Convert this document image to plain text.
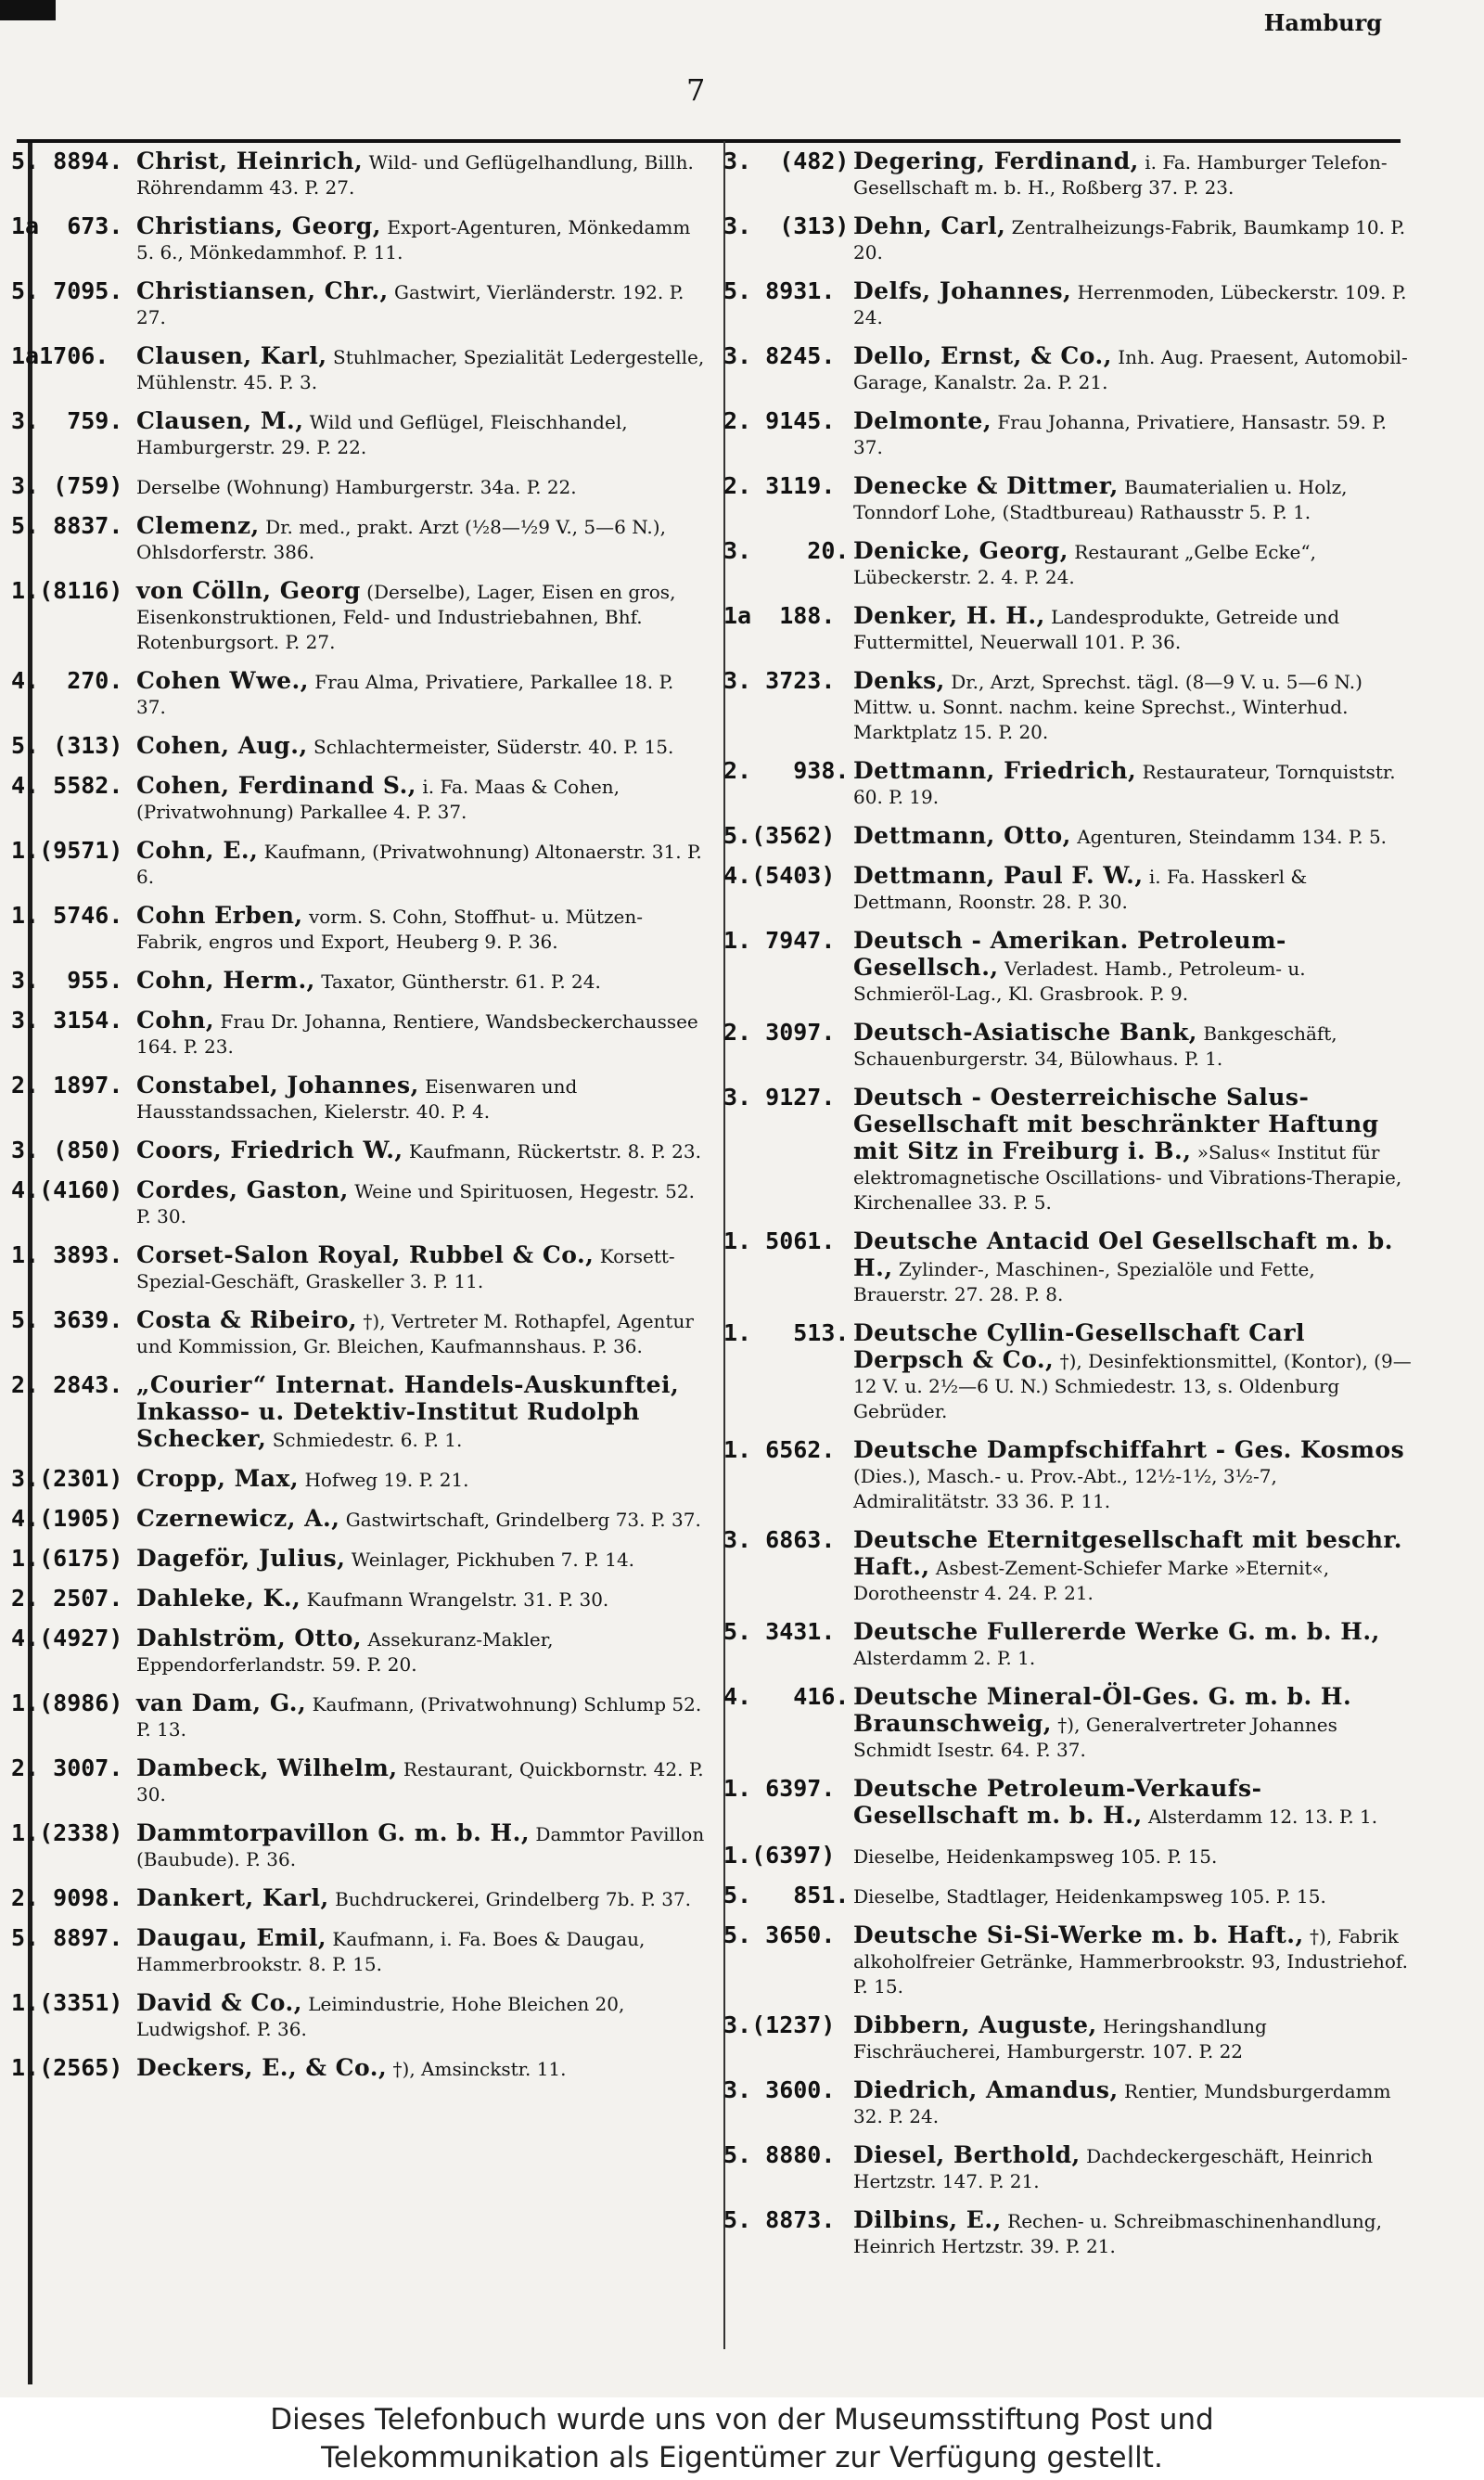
Hamburg
7
5. 8894. Christ, Heinrich, Wild- und Geflügelhandlung, Billh. Röhrendamm 43. P. 27.
1a  673. Christians, Georg, Export-Agenturen, Mönkedamm 5. 6., Mönkedammhof. P. 11.
5. 7095. Christiansen, Chr., Gastwirt, Vierländerstr. 192. P. 27.
1a1706.	Clausen, Karl, Stuhlmacher, Spezialität Ledergestelle, Mühlenstr. 45. P. 3.
3.  759. Clausen, M., Wild und Geflügel, Fleischhandel, Hamburgerstr. 29. P. 22.
3. (759) Derselbe (Wohnung) Hamburgerstr. 34a. P. 22.
5. 8837. Clemenz, Dr. med., prakt. Arzt (½8—½9 V., 5—6 N.), Ohlsdorferstr. 386.
1.(8116) von Cölln, Georg (Derselbe), Lager, Eisen en gros, Eisenkonstruktionen, Feld- und Industriebahnen, Bhf. Rotenburgsort. P. 27.
4.  270. Cohen Wwe., Frau Alma, Privatiere, Parkallee 18. P. 37.
5. (313) Cohen, Aug., Schlachtermeister, Süderstr. 40. P. 15.
4. 5582. Cohen, Ferdinand S., i. Fa. Maas & Cohen, (Privatwohnung) Parkallee 4. P. 37.
1.(9571) Cohn, E., Kaufmann, (Privatwohnung) Altonaerstr. 31. P. 6.
1. 5746. Cohn Erben, vorm. S. Cohn, Stoffhut- u. Mützen-Fabrik, engros und Export, Heuberg 9. P. 36.
3.  955. Cohn, Herm., Taxator, Güntherstr. 61. P. 24.
3. 3154. Cohn, Frau Dr. Johanna, Rentiere, Wandsbeckerchaussee 164. P. 23.
2. 1897. Constabel, Johannes, Eisenwaren und Hausstandssachen, Kielerstr. 40. P. 4.
3. (850) Coors, Friedrich W., Kaufmann, Rückertstr. 8. P. 23.
4.(4160) Cordes, Gaston, Weine und Spirituosen, Hegestr. 52. P. 30.
1. 3893. Corset-Salon Royal, Rubbel & Co., Korsett-Spezial-Geschäft, Graskeller 3. P. 11.
5. 3639. Costa & Ribeiro, †), Vertreter M. Rothapfel, Agentur und Kommission, Gr. Bleichen, Kaufmannshaus. P. 36.
2. 2843. „Courier“ Internat. Handels-Auskunftei, Inkasso- u. Detektiv-Institut Rudolph Schecker, Schmiedestr. 6. P. 1.
3.(2301) Cropp, Max, Hofweg 19. P. 21.
4.(1905) Czernewicz, A., Gastwirtschaft, Grindelberg 73. P. 37.
1.(6175) Dageför, Julius, Weinlager, Pickhuben 7. P. 14.
2. 2507. Dahleke, K., Kaufmann Wrangelstr. 31. P. 30.
4.(4927) Dahlström, Otto, Assekuranz-Makler, Eppendorferlandstr. 59. P. 20.
1.(8986) van Dam, G., Kaufmann, (Privatwohnung) Schlump 52. P. 13.
2. 3007. Dambeck, Wilhelm, Restaurant, Quickbornstr. 42. P. 30.
1.(2338) Dammtorpavillon G. m. b. H., Dammtor Pavillon (Baubude). P. 36.
2. 9098. Dankert, Karl, Buchdruckerei, Grindelberg 7b. P. 37.
5. 8897. Daugau, Emil, Kaufmann, i. Fa. Boes & Daugau, Hammerbrookstr. 8. P. 15.
1.(3351) David & Co., Leimindustrie, Hohe Bleichen 20, Ludwigshof. P. 36.
1.(2565) Deckers, E., & Co., †), Amsinckstr. 11.
3.  (482) Degering, Ferdinand, i. Fa. Hamburger Telefon-Gesellschaft m. b. H., Roßberg 37. P. 23.
3.  (313) Dehn, Carl, Zentralheizungs-Fabrik, Baumkamp 10. P. 20.
5. 8931. Delfs, Johannes, Herrenmoden, Lübeckerstr. 109. P. 24.
3. 8245. Dello, Ernst, & Co., Inh. Aug. Praesent, Automobil-Garage, Kanalstr. 2a. P. 21.
2. 9145. Delmonte, Frau Johanna, Privatiere, Hansastr. 59. P. 37.
2. 3119. Denecke & Dittmer, Baumaterialien u. Holz, Tonndorf Lohe, (Stadtbureau) Rathausstr 5. P. 1.
3.    20. Denicke, Georg, Restaurant „Gelbe Ecke“, Lübeckerstr. 2. 4. P. 24.
1a  188. Denker, H. H., Landesprodukte, Getreide und Futtermittel, Neuerwall 101. P. 36.
3. 3723. Denks, Dr., Arzt, Sprechst. tägl. (8—9 V. u. 5—6 N.) Mittw. u. Sonnt. nachm. keine Sprechst., Winterhud. Marktplatz 15. P. 20.
2.   938. Dettmann, Friedrich, Restaurateur, Tornquiststr. 60. P. 19.
5.(3562) Dettmann, Otto, Agenturen, Steindamm 134. P. 5.
4.(5403) Dettmann, Paul F. W., i. Fa. Hasskerl & Dettmann, Roonstr. 28. P. 30.
1. 7947. Deutsch - Amerikan. Petroleum-Gesellsch., Verladest. Hamb., Petroleum- u. Schmieröl-Lag., Kl. Grasbrook. P. 9.
2. 3097. Deutsch-Asiatische Bank, Bankgeschäft, Schauenburgerstr. 34, Bülowhaus. P. 1.
3. 9127. Deutsch - Oesterreichische Salus-Gesellschaft mit beschränkter Haftung mit Sitz in Freiburg i. B., »Salus« Institut für elektromagnetische Oscillations- und Vibrations-Therapie, Kirchenallee 33. P. 5.
1. 5061. Deutsche Antacid Oel Gesellschaft m. b. H., Zylinder-, Maschinen-, Spezialöle und Fette, Brauerstr. 27. 28. P. 8.
1.   513. Deutsche Cyllin-Gesellschaft Carl Derpsch & Co., †), Desinfektionsmittel, (Kontor), (9—12 V. u. 2½—6 U. N.) Schmiedestr. 13, s. Oldenburg Gebrüder.
1. 6562. Deutsche Dampfschiffahrt - Ges. Kosmos (Dies.), Masch.- u. Prov.-Abt., 12½-1½, 3½-7, Admiralitätstr. 33 36. P. 11.
3. 6863. Deutsche Eternitgesellschaft mit beschr. Haft., Asbest-Zement-Schiefer Marke »Eternit«, Dorotheenstr 4. 24. P. 21.
5. 3431. Deutsche Fullererde Werke G. m. b. H., Alsterdamm 2. P. 1.
4.   416. Deutsche Mineral-Öl-Ges. G. m. b. H. Braunschweig, †), Generalvertreter Johannes Schmidt Isestr. 64. P. 37.
1. 6397. Deutsche Petroleum-Verkaufs-Gesellschaft m. b. H., Alsterdamm 12. 13. P. 1.
1.(6397) Dieselbe, Heidenkampsweg 105. P. 15.
5.   851. Dieselbe, Stadtlager, Heidenkampsweg 105. P. 15.
5. 3650. Deutsche Si-Si-Werke m. b. Haft., †), Fabrik alkoholfreier Getränke, Hammerbrookstr. 93, Industriehof. P. 15.
3.(1237) Dibbern, Auguste, Heringshandlung Fischräucherei, Hamburgerstr. 107. P. 22
3. 3600. Diedrich, Amandus, Rentier, Mundsburgerdamm 32. P. 24.
5. 8880. Diesel, Berthold, Dachdeckergeschäft, Heinrich Hertzstr. 147. P. 21.
5. 8873. Dilbins, E., Rechen- u. Schreibmaschinenhandlung, Heinrich Hertzstr. 39. P. 21.
Dieses Telefonbuch wurde uns von der Museumsstiftung Post und
Telekommunikation als Eigentümer zur Verfügung gestellt.
